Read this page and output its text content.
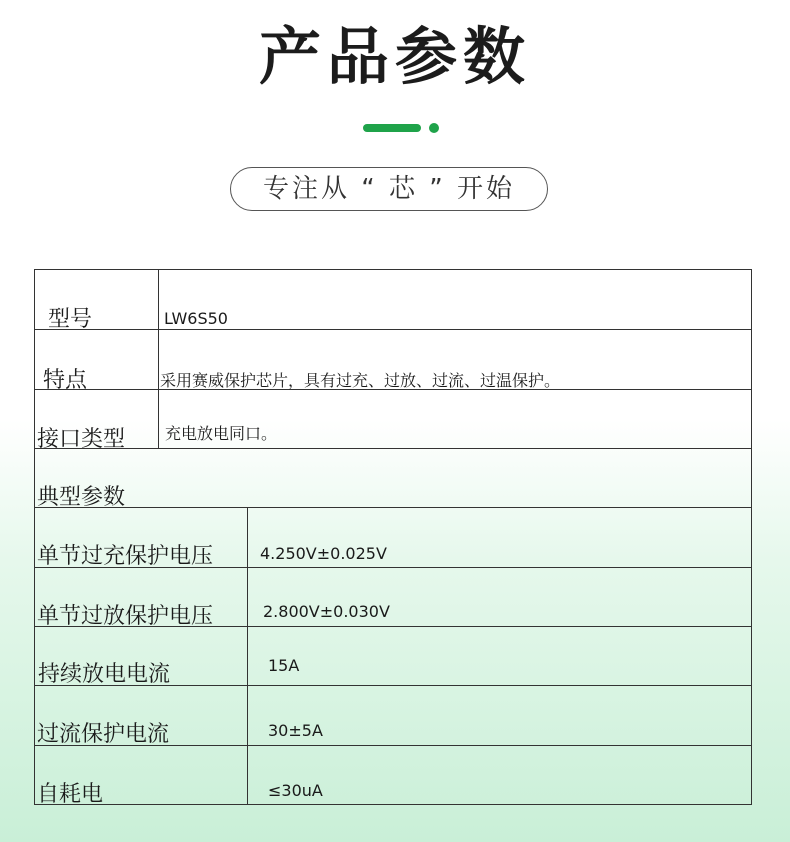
产品参数
专注从 “ 芯 ” 开始
型号	LW6S50
特点	采用赛威保护芯片，具有过充、过放、过流、过温保护。
接口类型 充电放电同口。
典型参数
单节过充保护电压	4.250V±0.025V
单节过放保护电压	2.800V±0.030V
持续放电电流	15A
过流保护电流	30±5A
自耗电	≤30uA
